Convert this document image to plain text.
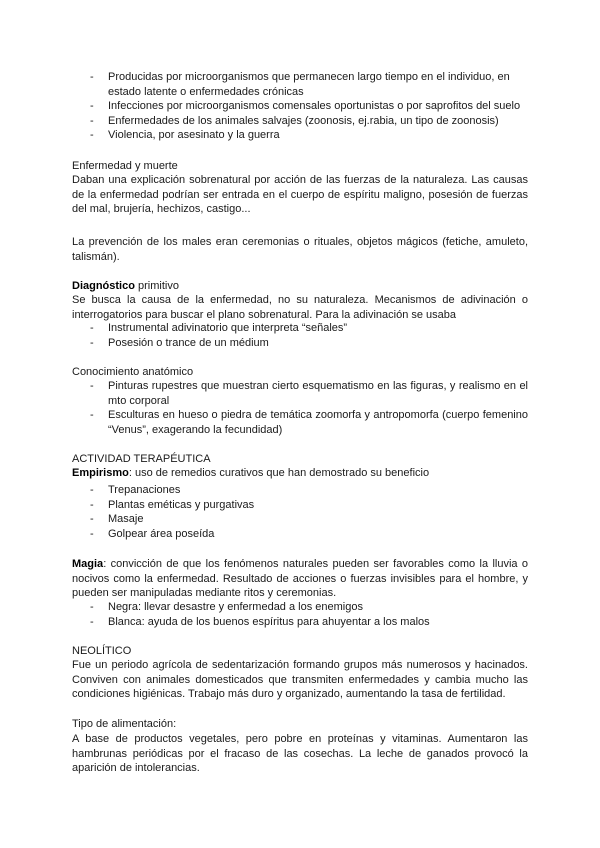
- Producidas por microorganismos que permanecen largo tiempo en el individuo, en estado latente o enfermedades crónicas
- Infecciones por microorganismos comensales oportunistas o por saprofitos del suelo
- Enfermedades de los animales salvajes (zoonosis, ej.rabia, un tipo de zoonosis)
- Violencia, por asesinato y la guerra

Enfermedad y muerte

Daban una explicación sobrenatural por acción de las fuerzas de la naturaleza. Las causas de la enfermedad podrían ser entrada en el cuerpo de espíritu maligno, posesión de fuerzas del mal, brujería, hechizos, castigo...

La prevención de los males eran ceremonias o rituales, objetos mágicos (fetiche, amuleto, talismán).

Diagnóstico primitivo

Se busca la causa de la enfermedad, no su naturaleza. Mecanismos de adivinación o interrogatorios para buscar el plano sobrenatural. Para la adivinación se usaba

- Instrumental adivinatorio que interpreta “señales”
- Posesión o trance de un médium

Conocimiento anatómico

- Pinturas rupestres que muestran cierto esquematismo en las figuras, y realismo en el mto corporal
- Esculturas en hueso o piedra de temática zoomorfa y antropomorfa (cuerpo femenino “Venus”, exagerando la fecundidad)

ACTIVIDAD TERAPÉUTICA

Empirismo: uso de remedios curativos que han demostrado su beneficio

- Trepanaciones
- Plantas eméticas y purgativas
- Masaje
- Golpear área poseída

Magia: convicción de que los fenómenos naturales pueden ser favorables como la lluvia o nocivos como la enfermedad. Resultado de acciones o fuerzas invisibles para el hombre, y pueden ser manipuladas mediante ritos y ceremonias.

- Negra: llevar desastre y enfermedad a los enemigos
- Blanca: ayuda de los buenos espíritus para ahuyentar a los malos

NEOLÍTICO

Fue un periodo agrícola de sedentarización formando grupos más numerosos y hacinados. Conviven con animales domesticados que transmiten enfermedades y cambia mucho las condiciones higiénicas. Trabajo más duro y organizado, aumentando la tasa de fertilidad.

Tipo de alimentación:

A base de productos vegetales, pero pobre en proteínas y vitaminas. Aumentaron las hambrunas periódicas por el fracaso de las cosechas. La leche de ganados provocó la aparición de intolerancias.
